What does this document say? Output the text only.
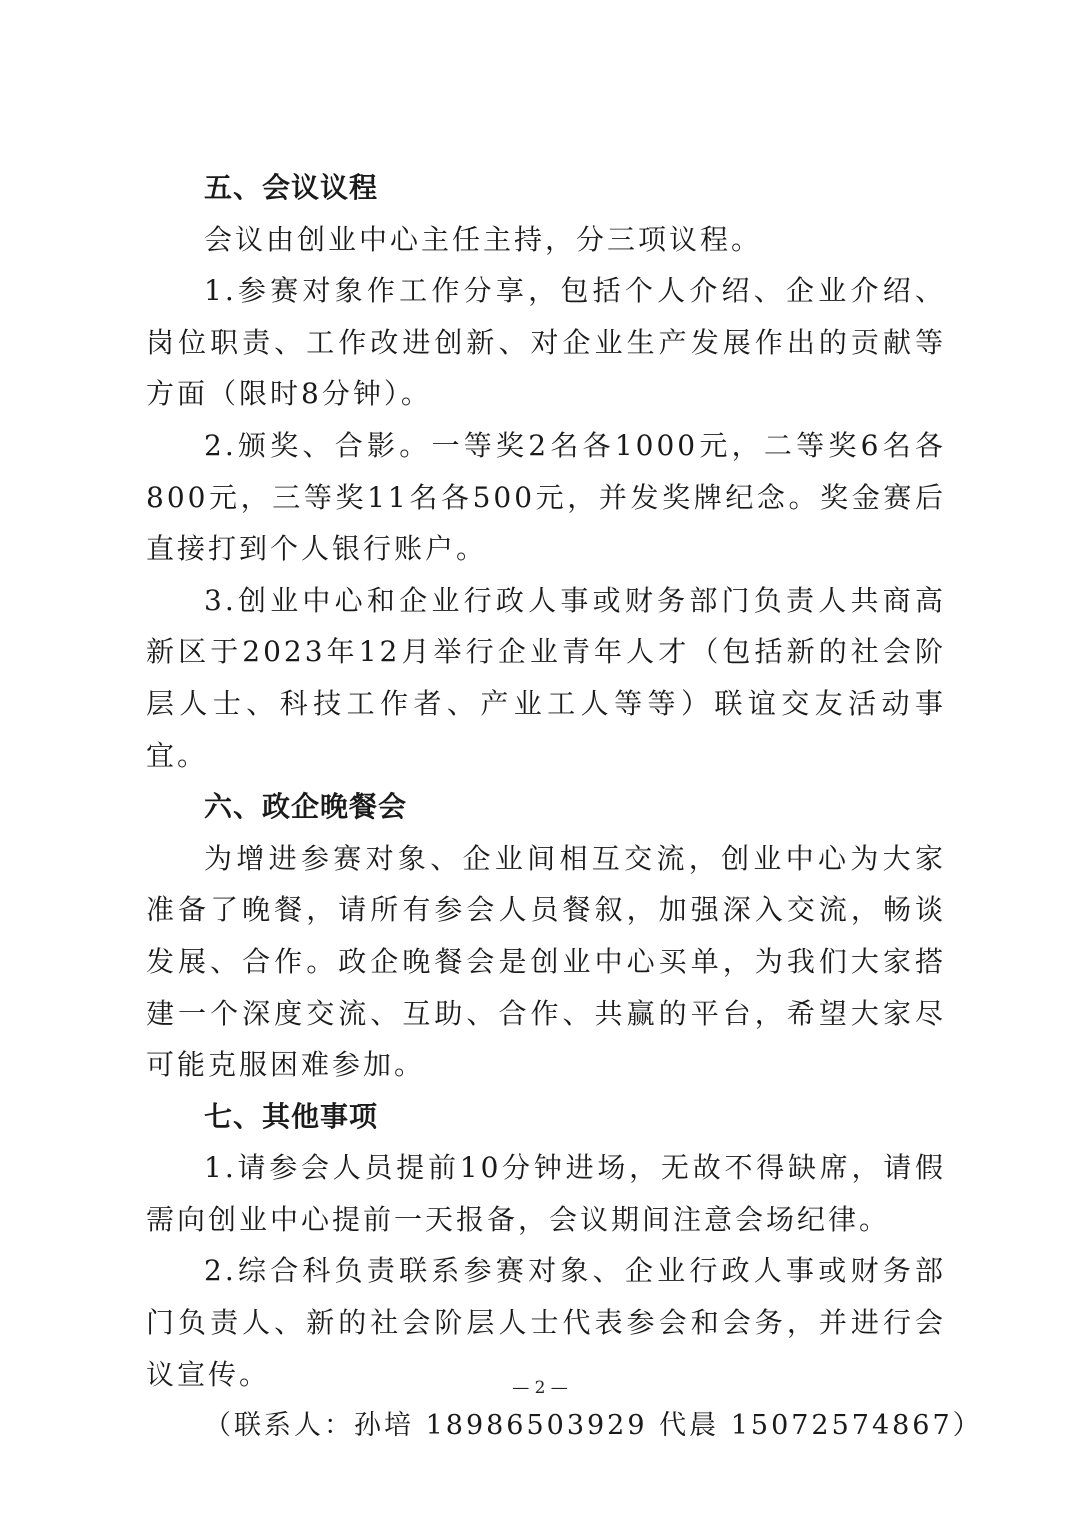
五、会议议程

会议由创业中心主任主持，分三项议程。

1.参赛对象作工作分享，包括个人介绍、企业介绍、岗位职责、工作改进创新、对企业生产发展作出的贡献等方面（限时8分钟）。

2.颁奖、合影。一等奖2名各1000元，二等奖6名各800元，三等奖11名各500元，并发奖牌纪念。奖金赛后直接打到个人银行账户。

3.创业中心和企业行政人事或财务部门负责人共商高新区于2023年12月举行企业青年人才（包括新的社会阶层人士、科技工作者、产业工人等等）联谊交友活动事宜。

六、政企晚餐会

为增进参赛对象、企业间相互交流，创业中心为大家准备了晚餐，请所有参会人员餐叙，加强深入交流，畅谈发展、合作。政企晚餐会是创业中心买单，为我们大家搭建一个深度交流、互助、合作、共赢的平台，希望大家尽可能克服困难参加。

七、其他事项

1.请参会人员提前10分钟进场，无故不得缺席，请假需向创业中心提前一天报备，会议期间注意会场纪律。

2.综合科负责联系参赛对象、企业行政人事或财务部门负责人、新的社会阶层人士代表参会和会务，并进行会议宣传。

（联系人：孙培 18986503929 代晨 15072574867）
— 2 —
